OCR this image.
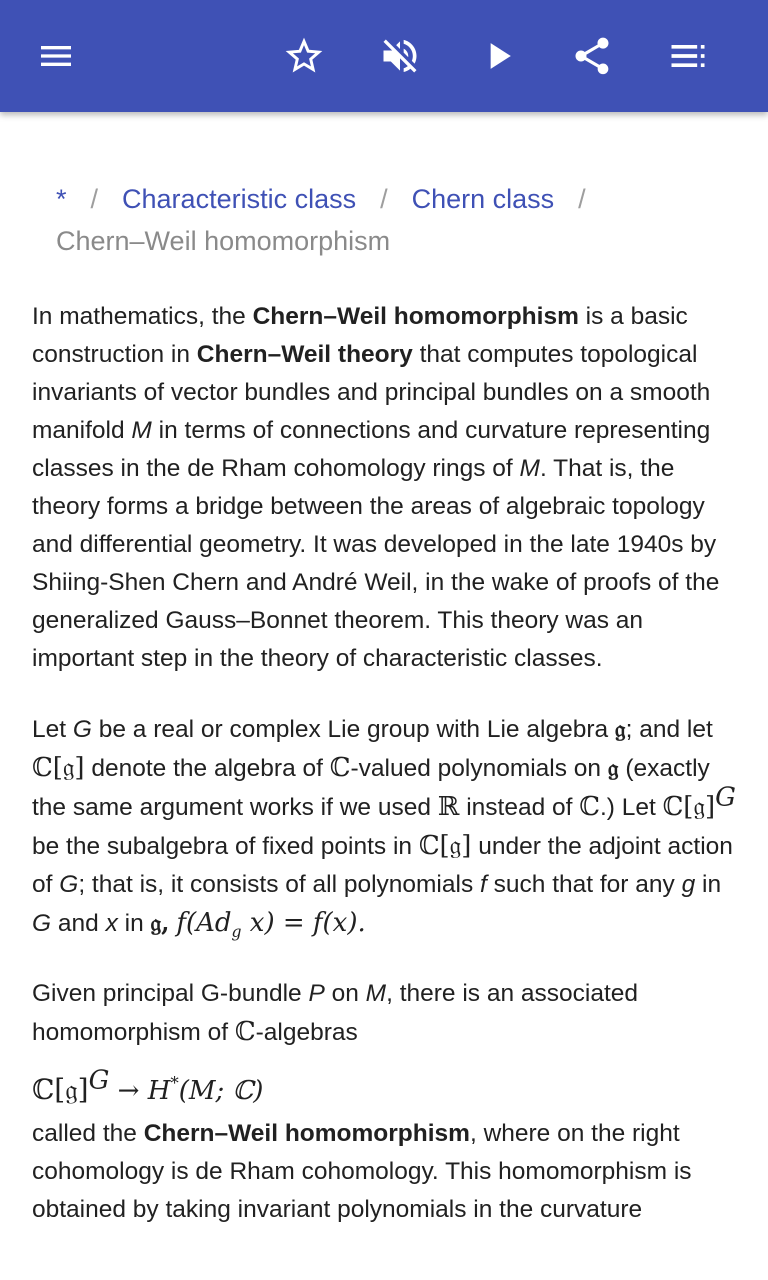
* / Characteristic class / Chern class /
Chern–Weil homomorphism

In mathematics, the Chern–Weil homomorphism is a basic construction in Chern–Weil theory that computes topological invariants of vector bundles and principal bundles on a smooth manifold M in terms of connections and curvature representing classes in the de Rham cohomology rings of M. That is, the theory forms a bridge between the areas of algebraic topology and differential geometry. It was developed in the late 1940s by Shiing-Shen Chern and André Weil, in the wake of proofs of the generalized Gauss–Bonnet theorem. This theory was an important step in the theory of characteristic classes.

Let G be a real or complex Lie group with Lie algebra 𝔤; and let ℂ[𝔤] denote the algebra of ℂ-valued polynomials on 𝔤 (exactly the same argument works if we used ℝ instead of ℂ.) Let ℂ[𝔤]$^G$ be the subalgebra of fixed points in ℂ[𝔤] under the adjoint action of G; that is, it consists of all polynomials f such that for any g in G and x in 𝔤, $f(Ad_g$ x) = f(x).

Given principal G-bundle P on M, there is an associated homomorphism of ℂ-algebras

ℂ[𝔤]$^G$ → H*(M; ℂ)

called the Chern–Weil homomorphism, where on the right cohomology is de Rham cohomology. This homomorphism is obtained by taking invariant polynomials in the curvature
